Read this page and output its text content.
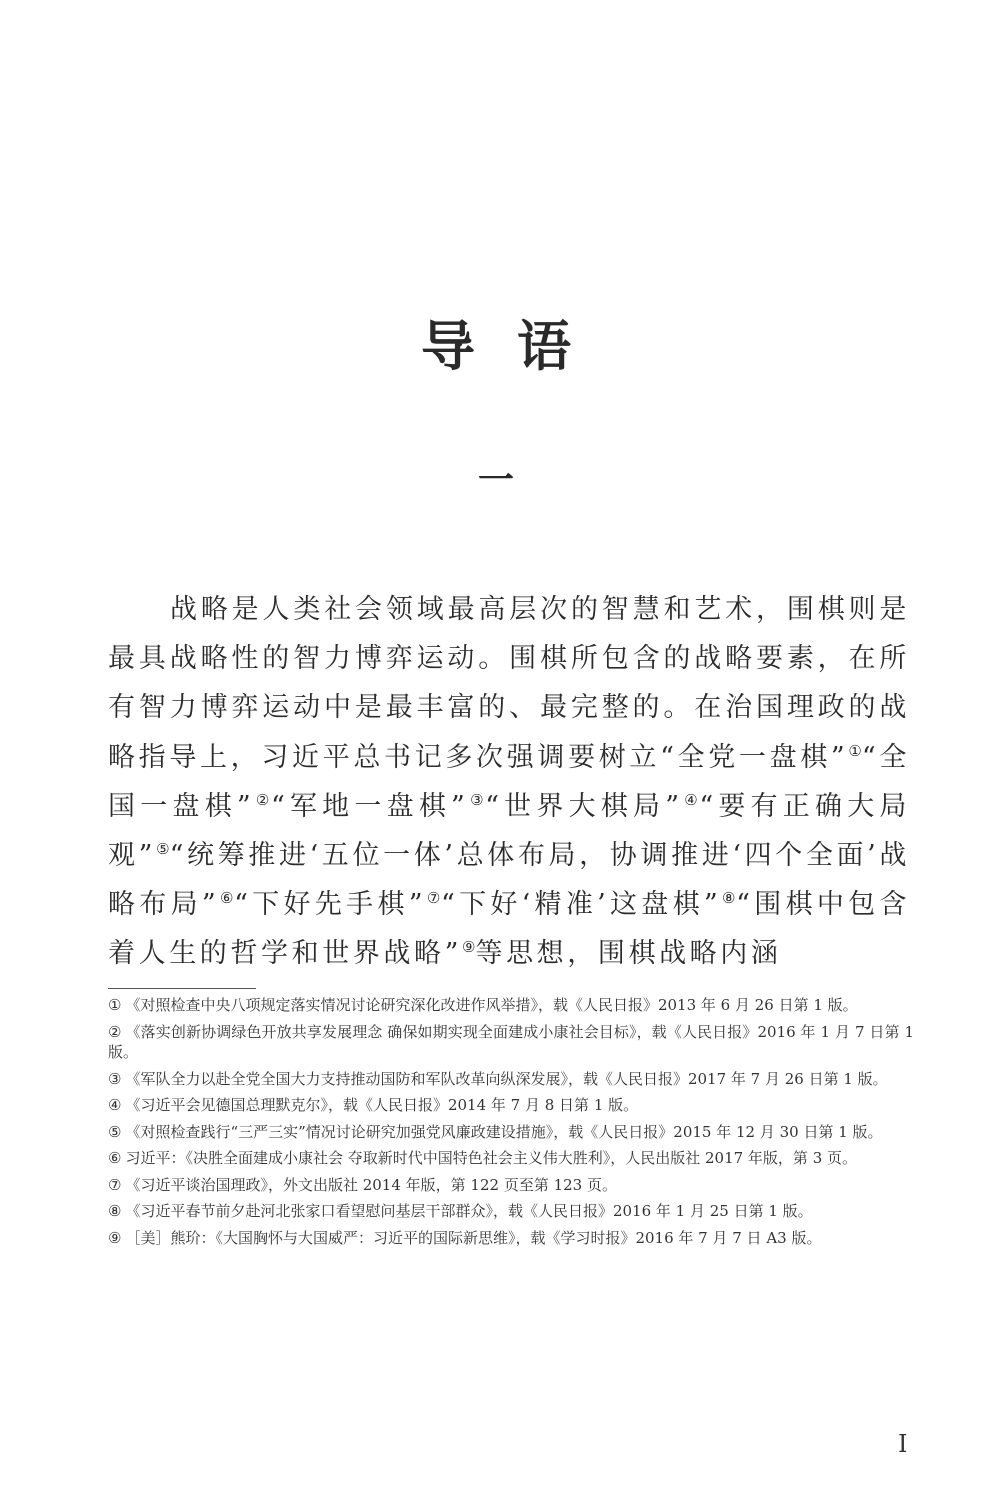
导语
一

战略是人类社会领域最高层次的智慧和艺术，围棋则是最具战略性的智力博弈运动。围棋所包含的战略要素，在所有智力博弈运动中是最丰富的、最完整的。在治国理政的战略指导上，习近平总书记多次强调要树立“全党一盘棋”①“全国一盘棋”②“军地一盘棋”③“世界大棋局”④“要有正确大局观”⑤“统筹推进‘五位一体’总体布局，协调推进‘四个全面’战略布局”⑥“下好先手棋”⑦“下好‘精准’这盘棋”⑧“围棋中包含着人生的哲学和世界战略”⑨等思想，围棋战略内涵

① 《对照检查中央八项规定落实情况讨论研究深化改进作风举措》，载《人民日报》2013 年 6 月 26 日第 1 版。

② 《落实创新协调绿色开放共享发展理念 确保如期实现全面建成小康社会目标》，载《人民日报》2016 年 1 月 7 日第 1 版。

③ 《军队全力以赴全党全国大力支持推动国防和军队改革向纵深发展》，载《人民日报》2017 年 7 月 26 日第 1 版。

④ 《习近平会见德国总理默克尔》，载《人民日报》2014 年 7 月 8 日第 1 版。

⑤ 《对照检查践行“三严三实”情况讨论研究加强党风廉政建设措施》，载《人民日报》2015 年 12 月 30 日第 1 版。

⑥ 习近平：《决胜全面建成小康社会 夺取新时代中国特色社会主义伟大胜利》，人民出版社 2017 年版，第 3 页。

⑦ 《习近平谈治国理政》，外文出版社 2014 年版，第 122 页至第 123 页。

⑧ 《习近平春节前夕赴河北张家口看望慰问基层干部群众》，载《人民日报》2016 年 1 月 25 日第 1 版。

⑨ ［美］熊玠：《大国胸怀与大国威严：习近平的国际新思维》，载《学习时报》2016 年 7 月 7 日 A3 版。

I
